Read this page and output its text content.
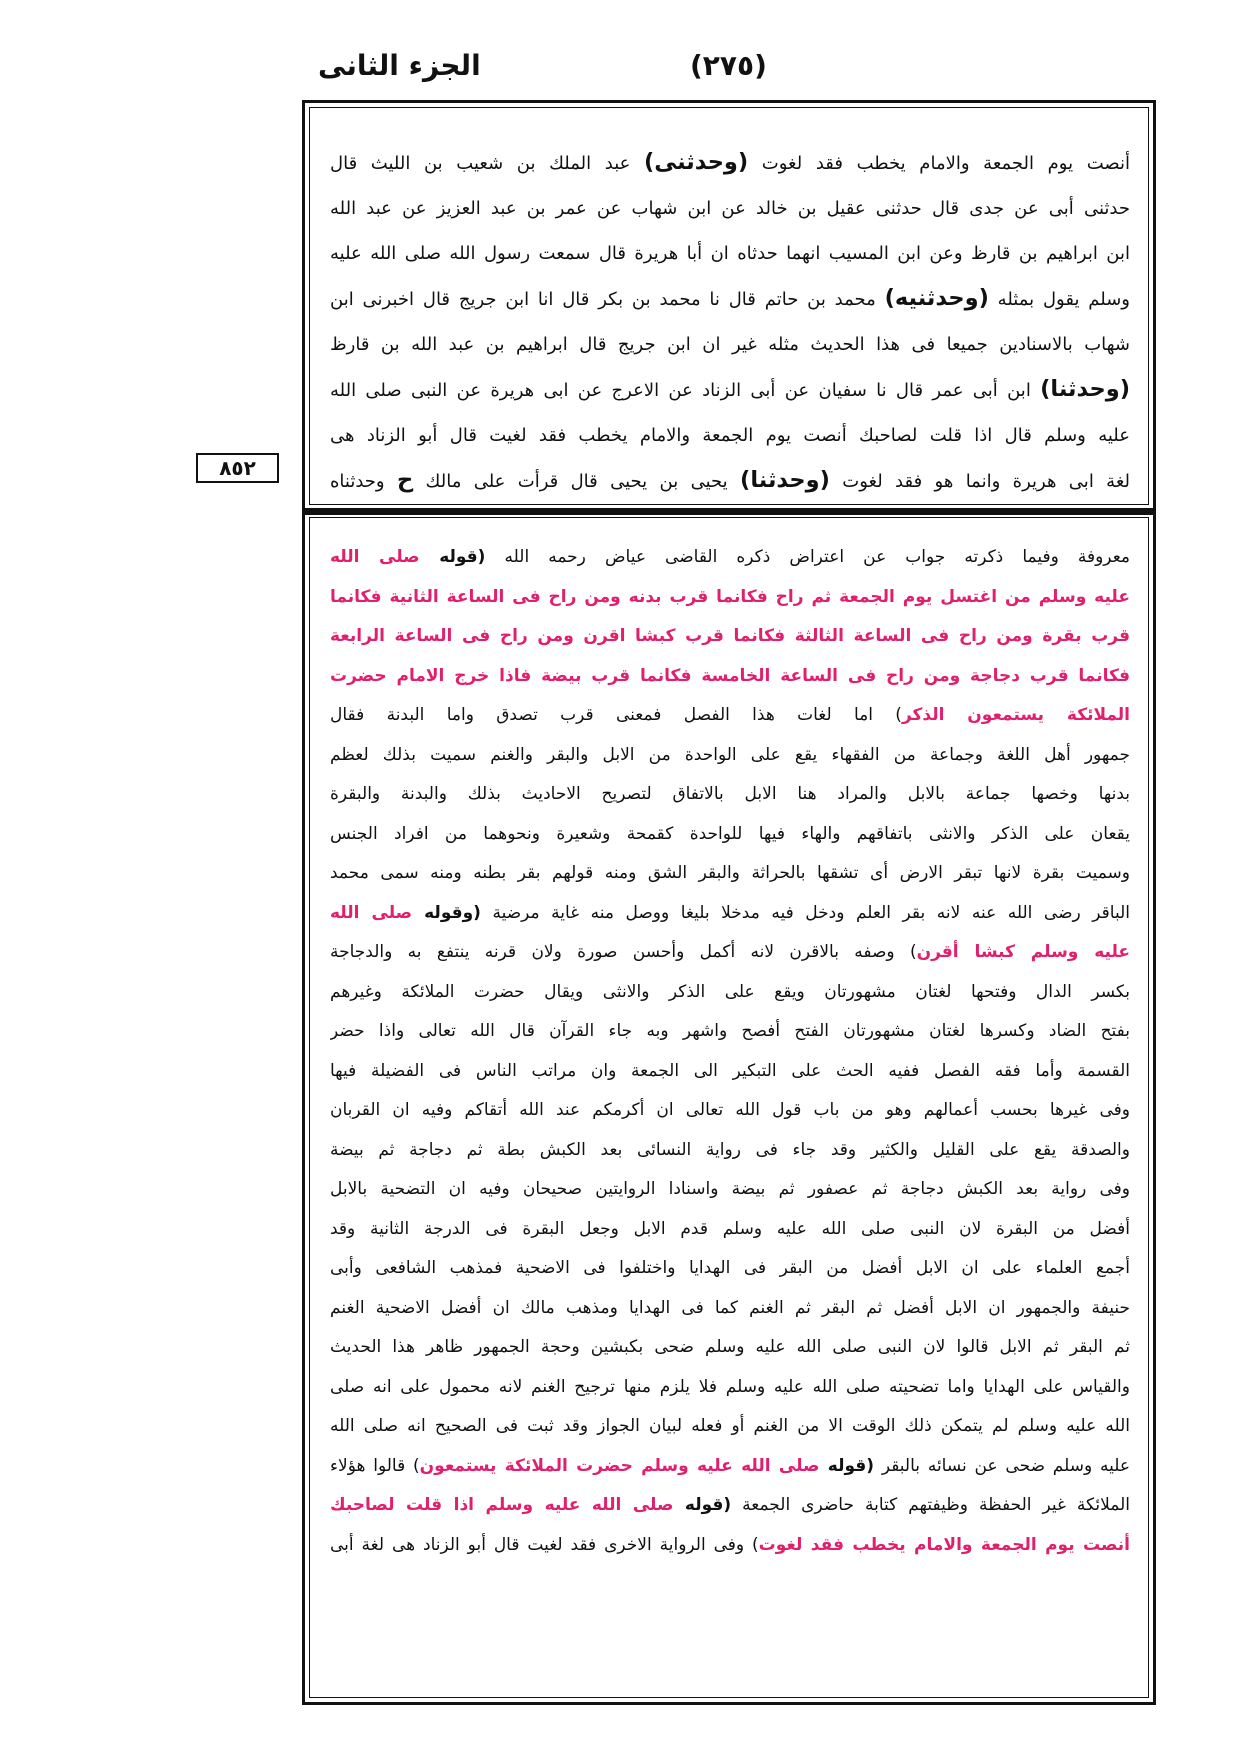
الجزء الثانى	(٢٧٥)
٨٥٢
أنصت يوم الجمعة والامام يخطب فقد لغوت (وحدثنى) عبد الملك بن شعيب بن الليث قال
حدثنى أبى عن جدى قال حدثنى عقيل بن خالد عن ابن شهاب عن عمر بن عبد العزيز عن عبد الله
ابن ابراهيم بن قارظ وعن ابن المسيب انهما حدثاه ان أبا هريرة قال سمعت رسول الله صلى الله عليه
وسلم يقول بمثله (وحدثنيه) محمد بن حاتم قال نا محمد بن بكر قال انا ابن جريج قال اخبرنى ابن
شهاب بالاسنادين جميعا فى هذا الحديث مثله غير ان ابن جريج قال ابراهيم بن عبد الله بن قارظ
(وحدثنا) ابن أبى عمر قال نا سفيان عن أبى الزناد عن الاعرج عن ابى هريرة عن النبى صلى الله
عليه وسلم قال اذا قلت لصاحبك أنصت يوم الجمعة والامام يخطب فقد لغيت قال أبو الزناد هى
لغة ابى هريرة وانما هو فقد لغوت (وحدثنا) يحيى بن يحيى قال قرأت على مالك ح وحدثناه
معروفة وفيما ذكرته جواب عن اعتراض ذكره القاضى عياض رحمه الله (قوله صلى الله
عليه وسلم من اغتسل يوم الجمعة ثم راح فكانما قرب بدنه ومن راح فى الساعة الثانية فكانما
قرب بقرة ومن راح فى الساعة الثالثة فكانما قرب كبشا اقرن ومن راح فى الساعة الرابعة
فكانما قرب دجاجة ومن راح فى الساعة الخامسة فكانما قرب بيضة فاذا خرج الامام حضرت
الملائكة يستمعون الذكر) اما لغات هذا الفصل فمعنى قرب تصدق واما البدنة فقال
جمهور أهل اللغة وجماعة من الفقهاء يقع على الواحدة من الابل والبقر والغنم سميت بذلك لعظم
بدنها وخصها جماعة بالابل والمراد هنا الابل بالاتفاق لتصريح الاحاديث بذلك والبدنة والبقرة
يقعان على الذكر والانثى باتفاقهم والهاء فيها للواحدة كقمحة وشعيرة ونحوهما من افراد الجنس
وسميت بقرة لانها تبقر الارض أى تشقها بالحراثة والبقر الشق ومنه قولهم بقر بطنه ومنه سمى محمد
الباقر رضى الله عنه لانه بقر العلم ودخل فيه مدخلا بليغا ووصل منه غاية مرضية (وقوله صلى الله
عليه وسلم كبشا أقرن) وصفه بالاقرن لانه أكمل وأحسن صورة ولان قرنه ينتفع به والدجاجة
بكسر الدال وفتحها لغتان مشهورتان ويقع على الذكر والانثى ويقال حضرت الملائكة وغيرهم
بفتح الضاد وكسرها لغتان مشهورتان الفتح أفصح واشهر وبه جاء القرآن قال الله تعالى واذا حضر
القسمة وأما فقه الفصل ففيه الحث على التبكير الى الجمعة وان مراتب الناس فى الفضيلة فيها
وفى غيرها بحسب أعمالهم وهو من باب قول الله تعالى ان أكرمكم عند الله أتقاكم وفيه ان القربان
والصدقة يقع على القليل والكثير وقد جاء فى رواية النسائى بعد الكبش بطة ثم دجاجة ثم بيضة
وفى رواية بعد الكبش دجاجة ثم عصفور ثم بيضة واسنادا الروايتين صحيحان وفيه ان التضحية بالابل
أفضل من البقرة لان النبى صلى الله عليه وسلم قدم الابل وجعل البقرة فى الدرجة الثانية وقد
أجمع العلماء على ان الابل أفضل من البقر فى الهدايا واختلفوا فى الاضحية فمذهب الشافعى وأبى
حنيفة والجمهور ان الابل أفضل ثم البقر ثم الغنم كما فى الهدايا ومذهب مالك ان أفضل الاضحية الغنم
ثم البقر ثم الابل قالوا لان النبى صلى الله عليه وسلم ضحى بكبشين وحجة الجمهور ظاهر هذا الحديث
والقياس على الهدايا واما تضحيته صلى الله عليه وسلم فلا يلزم منها ترجيح الغنم لانه محمول على انه صلى
الله عليه وسلم لم يتمكن ذلك الوقت الا من الغنم أو فعله لبيان الجواز وقد ثبت فى الصحيح انه صلى الله
عليه وسلم ضحى عن نسائه بالبقر (قوله صلى الله عليه وسلم حضرت الملائكة يستمعون) قالوا هؤلاء
الملائكة غير الحفظة وظيفتهم كتابة حاضرى الجمعة (قوله صلى الله عليه وسلم اذا قلت لصاحبك
أنصت يوم الجمعة والامام يخطب فقد لغوت) وفى الرواية الاخرى فقد لغيت قال أبو الزناد هى لغة أبى
